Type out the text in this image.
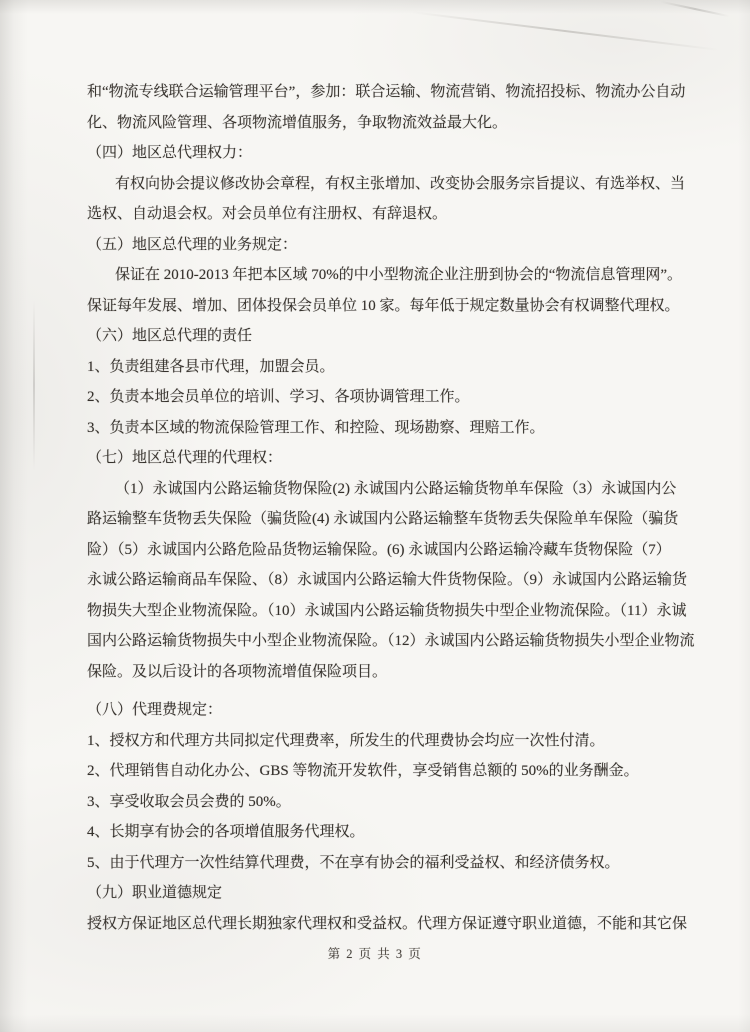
和“物流专线联合运输管理平台”，参加：联合运输、物流营销、物流招投标、物流办公自动
化、物流风险管理、各项物流增值服务，争取物流效益最大化。
（四）地区总代理权力：
有权向协会提议修改协会章程，有权主张增加、改变协会服务宗旨提议、有选举权、当
选权、自动退会权。对会员单位有注册权、有辞退权。
（五）地区总代理的业务规定：
保证在 2010-2013 年把本区域 70%的中小型物流企业注册到协会的“物流信息管理网”。
保证每年发展、增加、团体投保会员单位 10 家。每年低于规定数量协会有权调整代理权。
（六）地区总代理的责任
1、负责组建各县市代理，加盟会员。
2、负责本地会员单位的培训、学习、各项协调管理工作。
3、负责本区域的物流保险管理工作、和控险、现场勘察、理赔工作。
（七）地区总代理的代理权：
（1）永诚国内公路运输货物保险(2) 永诚国内公路运输货物单车保险（3）永诚国内公
路运输整车货物丢失保险（骗货险(4) 永诚国内公路运输整车货物丢失保险单车保险（骗货
险）（5）永诚国内公路危险品货物运输保险。(6) 永诚国内公路运输冷藏车货物保险（7）
永诚公路运输商品车保险、（8）永诚国内公路运输大件货物保险。（9）永诚国内公路运输货
物损失大型企业物流保险。（10）永诚国内公路运输货物损失中型企业物流保险。（11）永诚
国内公路运输货物损失中小型企业物流保险。（12）永诚国内公路运输货物损失小型企业物流
保险。及以后设计的各项物流增值保险项目。
（八）代理费规定：
1、授权方和代理方共同拟定代理费率，所发生的代理费协会均应一次性付清。
2、代理销售自动化办公、GBS 等物流开发软件，享受销售总额的 50%的业务酬金。
3、享受收取会员会费的 50%。
4、长期享有协会的各项增值服务代理权。
5、由于代理方一次性结算代理费，不在享有协会的福利受益权、和经济债务权。
（九）职业道德规定
授权方保证地区总代理长期独家代理权和受益权。代理方保证遵守职业道德，不能和其它保
第 2 页 共 3 页
